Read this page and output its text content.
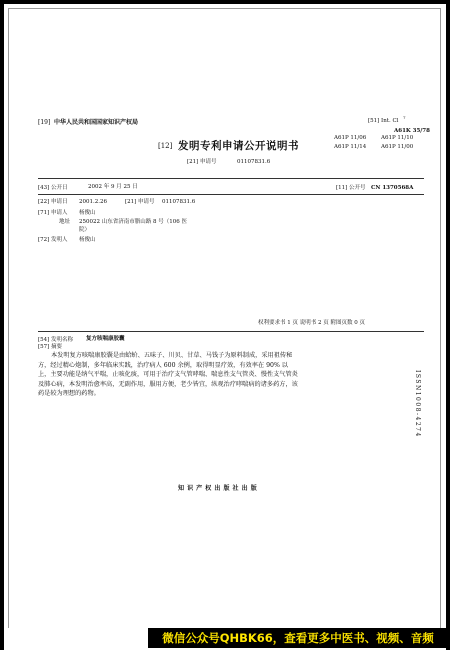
[19] 中华人民共和国国家知识产权局	[51] Int. Cl
7
A61K 35/78
A61P 11/06	A61P 11/10
A61P 11/14	A61P 11/00
[12] 发明专利申请公开说明书
[21] 申请号	01107831.6
[43] 公开日	2002 年 9 月 25 日	[11] 公开号 CN 1370568A
[22] 申请日 2001.2.26	[21] 申请号 01107831.6
[71] 申请人 杨俊山
地址 250022 山东省济南市腊山路 8 号（106 医
院）
[72] 发明人 杨俊山
权利要求书 1 页 说明书 2 页 附图页数 0 页
[54] 发明名称 复方咳喘康胶囊
[57] 摘要
本发明复方咳喘康胶囊是由蛤蚧、五味子、川贝、甘草、马钱子为原料制成，采用祖传秘方，经过精心炮制，多年临床实践，治疗病人 600 余例，取得明显疗效，有效率在 90% 以上，主要功能是纳气平喘，止咳化痰，可用于治疗支气管哮喘、喘息性支气管炎、慢性支气管炎及肺心病，本发明治愈率高，无副作用，服用方便，老少皆宜，纵观治疗哮喘病的诸多药方，该药是较为理想的药物。	ISSN1008-4274
知 识 产 权 出 版 社 出 版
微信公众号QHBK66，查看更多中医书、视频、音频
